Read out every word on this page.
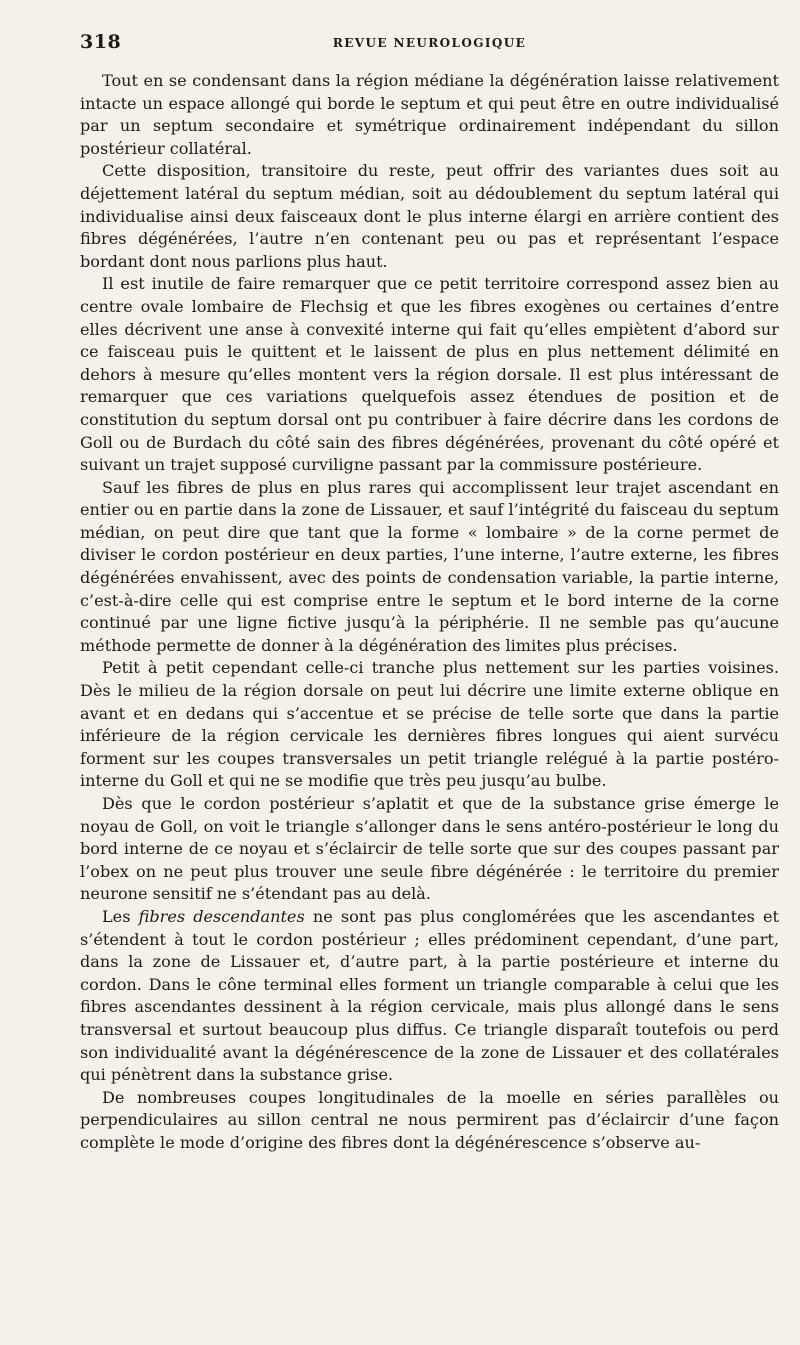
318	REVUE NEUROLOGIQUE

Tout en se condensant dans la région médiane la dégénération laisse relativement intacte un espace allongé qui borde le septum et qui peut être en outre individualisé par un septum secondaire et symétrique ordinairement indépendant du sillon postérieur collatéral.

Cette disposition, transitoire du reste, peut offrir des variantes dues soit au déjettement latéral du septum médian, soit au dédoublement du septum latéral qui individualise ainsi deux faisceaux dont le plus interne élargi en arrière contient des fibres dégénérées, l’autre n’en contenant peu ou pas et représentant l’espace bordant dont nous parlions plus haut.

Il est inutile de faire remarquer que ce petit territoire correspond assez bien au centre ovale lombaire de Flechsig et que les fibres exogènes ou certaines d’entre elles décrivent une anse à convexité interne qui fait qu’elles empiètent d’abord sur ce faisceau puis le quittent et le laissent de plus en plus nettement délimité en dehors à mesure qu’elles montent vers la région dorsale. Il est plus intéressant de remarquer que ces variations quelquefois assez étendues de position et de constitution du septum dorsal ont pu contribuer à faire décrire dans les cordons de Goll ou de Burdach du côté sain des fibres dégénérées, provenant du côté opéré et suivant un trajet supposé curviligne passant par la commissure postérieure.

Sauf les fibres de plus en plus rares qui accomplissent leur trajet ascendant en entier ou en partie dans la zone de Lissauer, et sauf l’intégrité du faisceau du septum médian, on peut dire que tant que la forme « lombaire » de la corne permet de diviser le cordon postérieur en deux parties, l’une interne, l’autre externe, les fibres dégénérées envahissent, avec des points de condensation variable, la partie interne, c’est-à-dire celle qui est comprise entre le septum et le bord interne de la corne continué par une ligne fictive jusqu’à la périphérie. Il ne semble pas qu’aucune méthode permette de donner à la dégénération des limites plus précises.

Petit à petit cependant celle-ci tranche plus nettement sur les parties voisines. Dès le milieu de la région dorsale on peut lui décrire une limite externe oblique en avant et en dedans qui s’accentue et se précise de telle sorte que dans la partie inférieure de la région cervicale les dernières fibres longues qui aient survécu forment sur les coupes transversales un petit triangle relégué à la partie postéro-interne du Goll et qui ne se modifie que très peu jusqu’au bulbe.

Dès que le cordon postérieur s’aplatit et que de la substance grise émerge le noyau de Goll, on voit le triangle s’allonger dans le sens antéro-postérieur le long du bord interne de ce noyau et s’éclaircir de telle sorte que sur des coupes passant par l’obex on ne peut plus trouver une seule fibre dégénérée : le territoire du premier neurone sensitif ne s’étendant pas au delà.

Les fibres descendantes ne sont pas plus conglomérées que les ascendantes et s’étendent à tout le cordon postérieur ; elles prédominent cependant, d’une part, dans la zone de Lissauer et, d’autre part, à la partie postérieure et interne du cordon. Dans le cône terminal elles forment un triangle comparable à celui que les fibres ascendantes dessinent à la région cervicale, mais plus allongé dans le sens transversal et surtout beaucoup plus diffus. Ce triangle disparaît toutefois ou perd son individualité avant la dégénérescence de la zone de Lissauer et des collatérales qui pénètrent dans la substance grise.

De nombreuses coupes longitudinales de la moelle en séries parallèles ou perpendiculaires au sillon central ne nous permirent pas d’éclaircir d’une façon complète le mode d’origine des fibres dont la dégénérescence s’observe au-
